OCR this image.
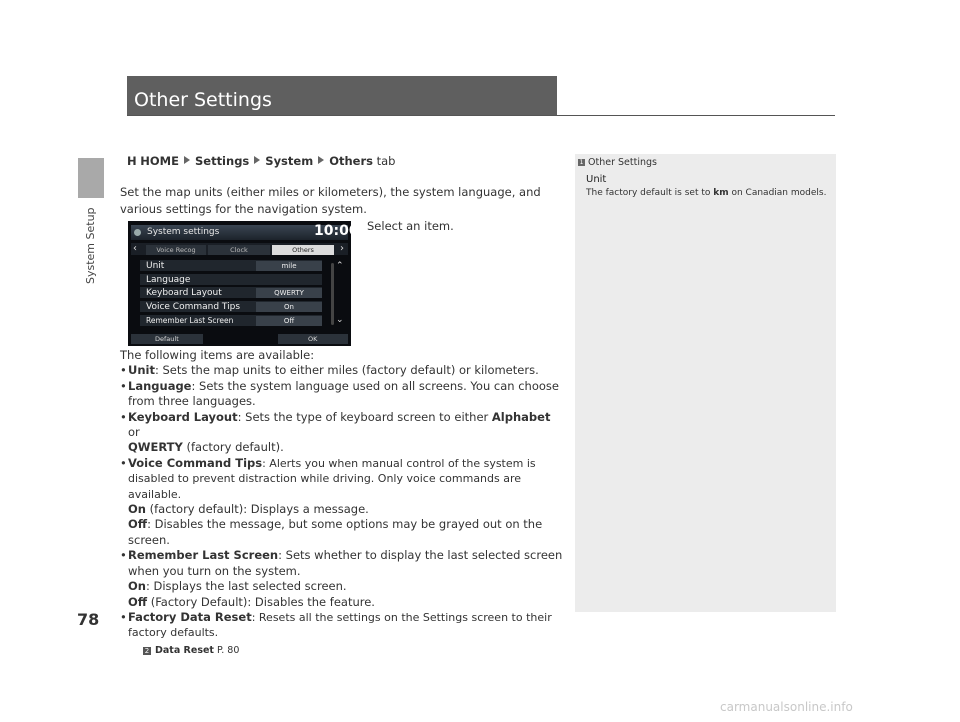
System Setup
78
Other Settings
H HOME Settings System Others tab
Set the map units (either miles or kilometers), the system language, and various settings for the navigation system.
Select an item.
System settings	10:00
‹	Voice Recog	Clock	Others	›
Unit	mile
Language
Keyboard Layout	QWERTY
Voice Command Tips	On
Remember Last Screen	Off
⌃
⌄
Default	OK

The following items are available:

• Unit: Sets the map units to either miles (factory default) or kilometers.
• Language: Sets the system language used on all screens. You can choose from three languages.
• Keyboard Layout: Sets the type of keyboard screen to either Alphabet or
QWERTY (factory default).
• Voice Command Tips: Alerts you when manual control of the system is disabled to prevent distraction while driving. Only voice commands are available.
On (factory default): Displays a message.
Off: Disables the message, but some options may be grayed out on the screen.
• Remember Last Screen: Sets whether to display the last selected screen when you turn on the system.
On: Displays the last selected screen.
Off (Factory Default): Disables the feature.
• Factory Data Reset: Resets all the settings on the Settings screen to their factory defaults.
2 Data Reset P. 80
1 Other Settings
Unit
The factory default is set to km on Canadian models.
carmanualsonline.info
